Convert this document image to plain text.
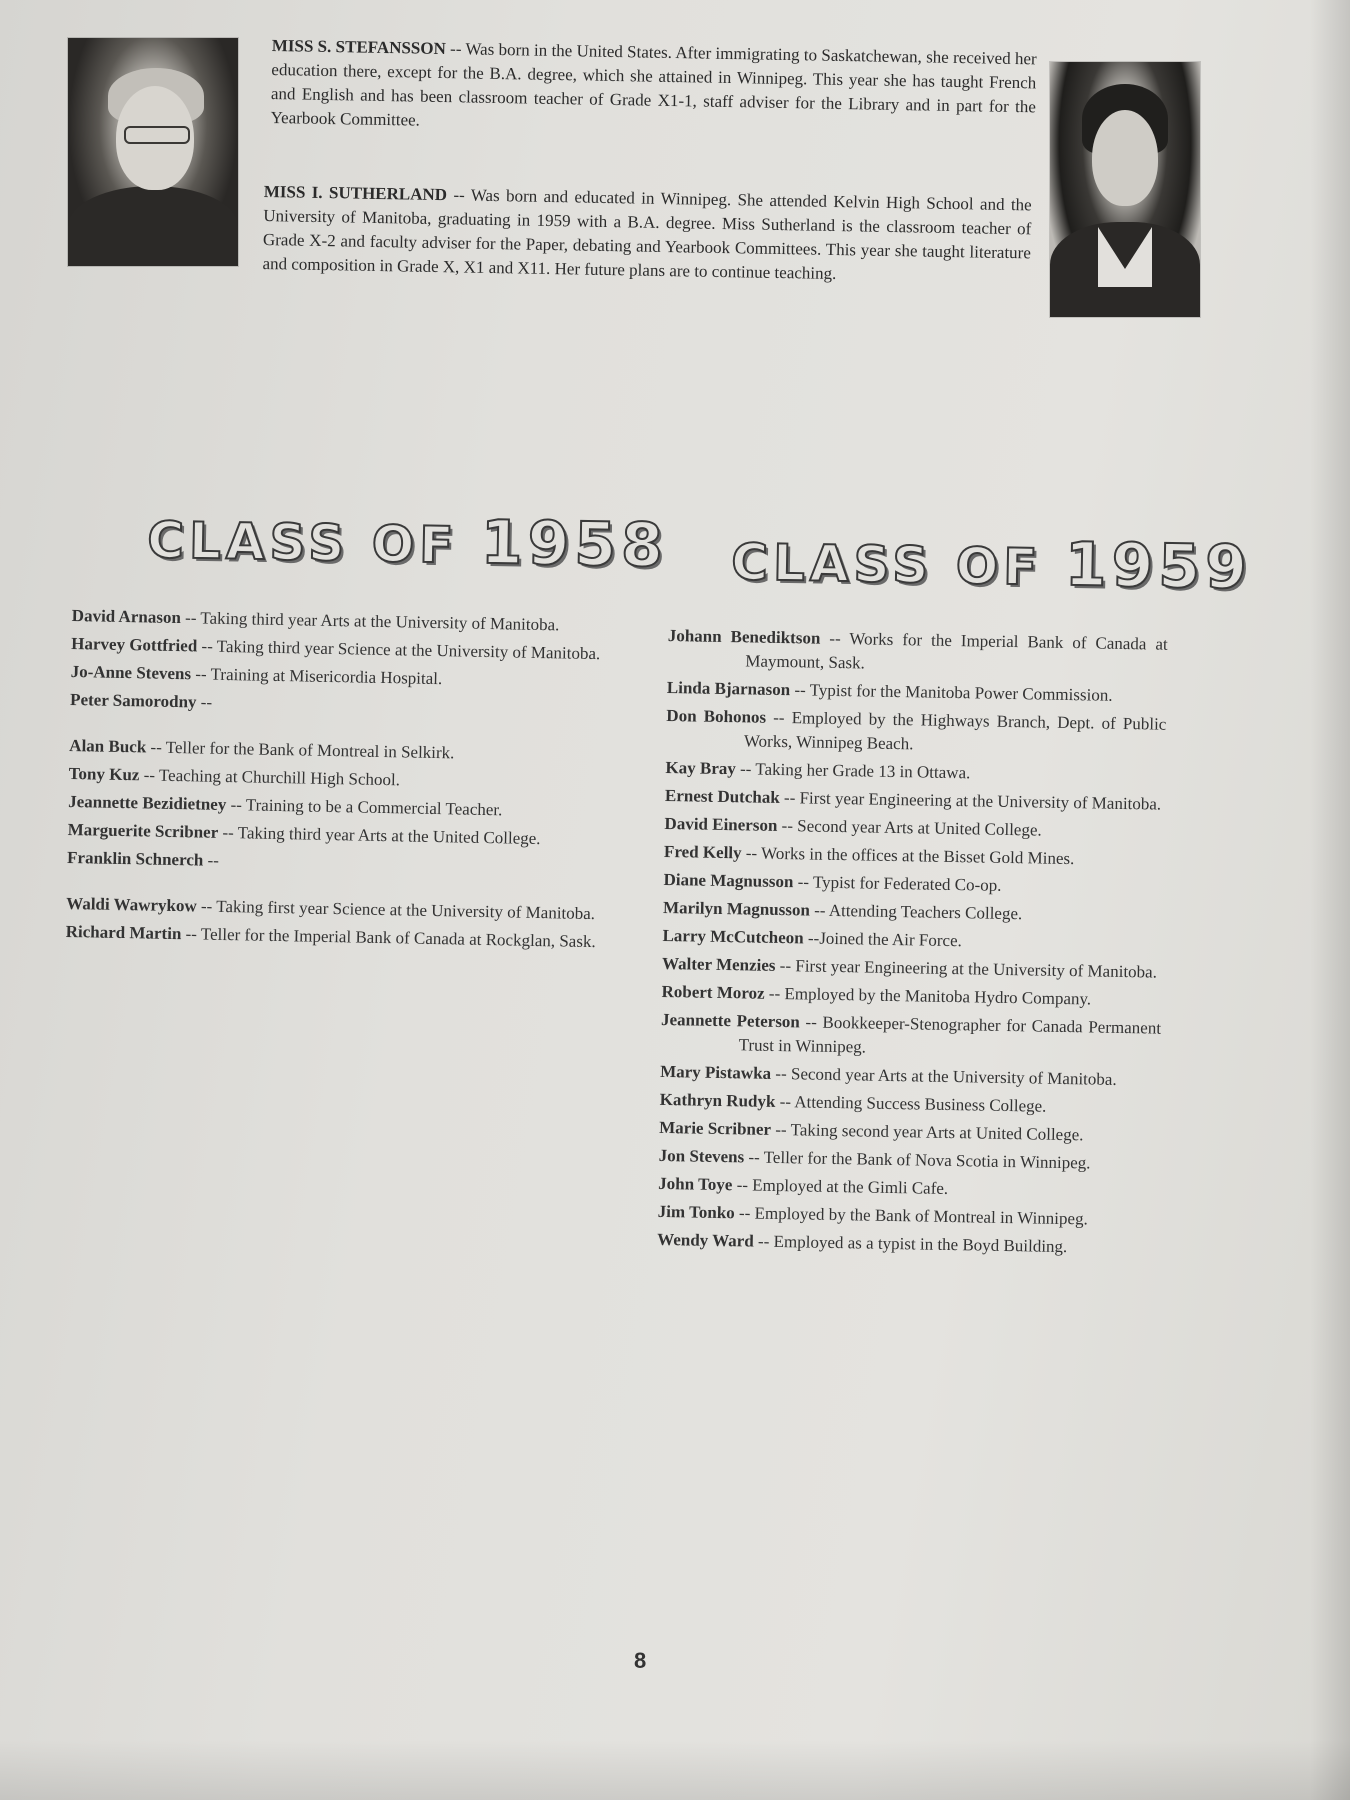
MISS S. STEFANSSON -- Was born in the United States. After immigrating to Saskatchewan, she received her education there, except for the B.A. degree, which she attained in Winnipeg. This year she has taught French and English and has been classroom teacher of Grade X1-1, staff adviser for the Library and in part for the Yearbook Committee.
MISS I. SUTHERLAND -- Was born and educated in Winnipeg. She attended Kelvin High School and the University of Manitoba, graduating in 1959 with a B.A. degree. Miss Sutherland is the classroom teacher of Grade X-2 and faculty adviser for the Paper, debating and Yearbook Committees. This year she taught literature and composition in Grade X, X1 and X11. Her future plans are to continue teaching.
CLASS OF 1958 CLASS OF 1959

David Arnason -- Taking third year Arts at the University of Manitoba.

Harvey Gottfried -- Taking third year Science at the University of Manitoba.

Jo-Anne Stevens -- Training at Misericordia Hospital.

Peter Samorodny --

Alan Buck -- Teller for the Bank of Montreal in Selkirk.

Tony Kuz -- Teaching at Churchill High School.

Jeannette Bezidietney -- Training to be a Commercial Teacher.

Marguerite Scribner -- Taking third year Arts at the United College.

Franklin Schnerch --

Waldi Wawrykow -- Taking first year Science at the University of Manitoba.

Richard Martin -- Teller for the Imperial Bank of Canada at Rockglan, Sask.

Johann Benediktson -- Works for the Imperial Bank of Canada at Maymount, Sask.

Linda Bjarnason -- Typist for the Manitoba Power Commission.

Don Bohonos -- Employed by the Highways Branch, Dept. of Public Works, Winnipeg Beach.

Kay Bray -- Taking her Grade 13 in Ottawa.

Ernest Dutchak -- First year Engineering at the University of Manitoba.

David Einerson -- Second year Arts at United College.

Fred Kelly -- Works in the offices at the Bisset Gold Mines.

Diane Magnusson -- Typist for Federated Co-op.

Marilyn Magnusson -- Attending Teachers College.

Larry McCutcheon --Joined the Air Force.

Walter Menzies -- First year Engineering at the University of Manitoba.

Robert Moroz -- Employed by the Manitoba Hydro Company.

Jeannette Peterson -- Bookkeeper-Stenographer for Canada Permanent Trust in Winnipeg.

Mary Pistawka -- Second year Arts at the University of Manitoba.

Kathryn Rudyk -- Attending Success Business College.

Marie Scribner -- Taking second year Arts at United College.

Jon Stevens -- Teller for the Bank of Nova Scotia in Winnipeg.

John Toye -- Employed at the Gimli Cafe.

Jim Tonko -- Employed by the Bank of Montreal in Winnipeg.

Wendy Ward -- Employed as a typist in the Boyd Building.

8
